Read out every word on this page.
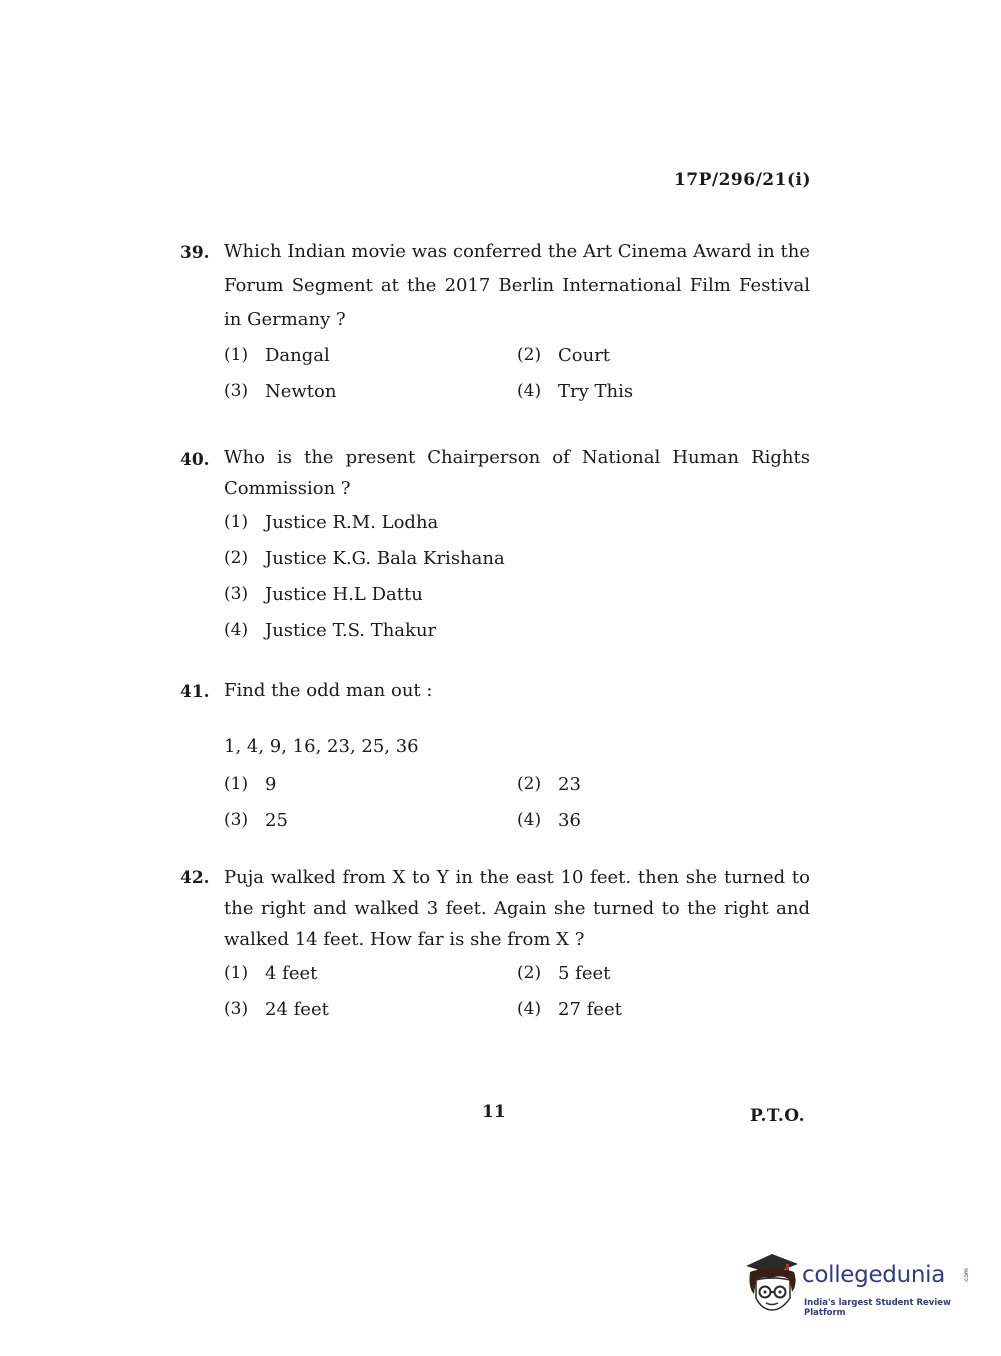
17P/296/21(i)
39. Which Indian movie was conferred the Art Cinema Award in the Forum Segment at the 2017 Berlin International Film Festival in Germany ?
(1) Dangal	(2) Court
(3) Newton	(4) Try This
40. Who is the present Chairperson of National Human Rights Commission ?
(1) Justice R.M. Lodha
(2) Justice K.G. Bala Krishana
(3) Justice H.L Dattu
(4) Justice T.S. Thakur
41. Find the odd man out :
1, 4, 9, 16, 23, 25, 36
(1) 9	(2) 23
(3) 25	(4) 36
42. Puja walked from X to Y in the east 10 feet. then she turned to the right and walked 3 feet. Again she turned to the right and walked 14 feet. How far is she from X ?
(1) 4 feet	(2) 5 feet
(3) 24 feet	(4) 27 feet
11	P.T.O.
collegedunia	.com
India's largest Student Review Platform
